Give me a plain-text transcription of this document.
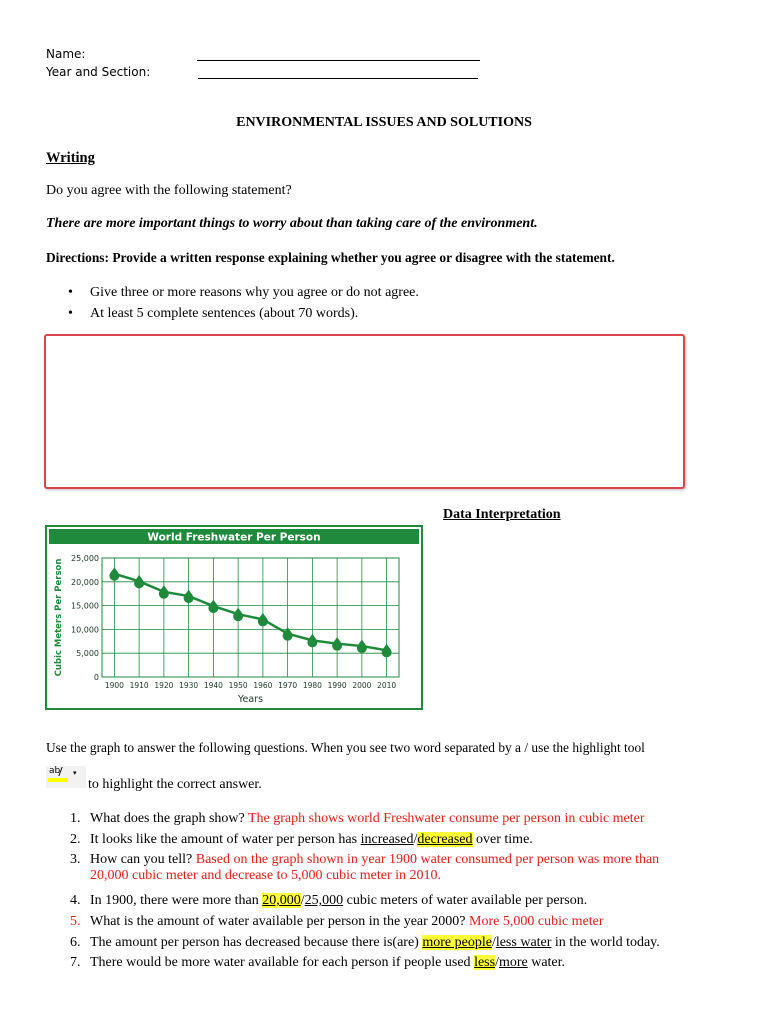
Name:
Year and Section:
ENVIRONMENTAL ISSUES AND SOLUTIONS
Writing
Do you agree with the following statement?
There are more important things to worry about than taking care of the environment.
Directions: Provide a written response explaining whether you agree or disagree with the statement.
• Give three or more reasons why you agree or do not agree.
• At least 5 complete sentences (about 70 words).
Data Interpretation
World Freshwater Per Person
0
5,000
10,000
15,000
20,000
25,000
1900 1910 1920 1930 1940 1950 1960 1970 1980 1990 2000 2010
Years
Cubic Meters Per Person
Use the graph to answer the following questions. When you see two word separated by a / use the highlight tool
ab ▾
to highlight the correct answer.
1. What does the graph show? The graph shows world Freshwater consume per person in cubic meter
2. It looks like the amount of water per person has increased/decreased over time.
3. How can you tell? Based on the graph shown in year 1900 water consumed per person was more than
20,000 cubic meter and decrease to 5,000 cubic meter in 2010.
4. In 1900, there were more than 20,000/25,000 cubic meters of water available per person.
5. What is the amount of water available per person in the year 2000? More 5,000 cubic meter
6. The amount per person has decreased because there is(are) more people/less water in the world today.
7. There would be more water available for each person if people used less/more water.
